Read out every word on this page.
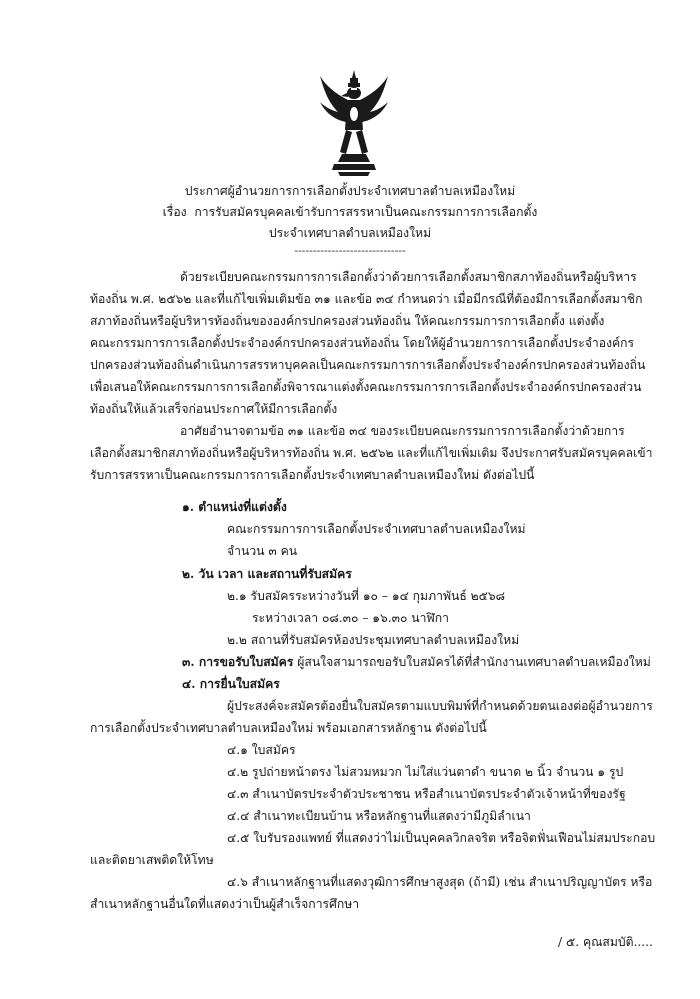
ประกาศผู้อำนวยการการเลือกตั้งประจำเทศบาลตำบลเหมืองใหม่
เรื่อง การรับสมัครบุคคลเข้ารับการสรรหาเป็นคณะกรรมการการเลือกตั้ง
ประจำเทศบาลตำบลเหมืองใหม่
------------------------------
ด้วยระเบียบคณะกรรมการการเลือกตั้งว่าด้วยการเลือกตั้งสมาชิกสภาท้องถิ่นหรือผู้บริหาร
ท้องถิ่น พ.ศ. ๒๕๖๒ และที่แก้ไขเพิ่มเติมข้อ ๓๑ และข้อ ๓๔ กำหนดว่า เมื่อมีกรณีที่ต้องมีการเลือกตั้งสมาชิก
สภาท้องถิ่นหรือผู้บริหารท้องถิ่นขององค์กรปกครองส่วนท้องถิ่น ให้คณะกรรมการการเลือกตั้ง แต่งตั้ง
คณะกรรมการการเลือกตั้งประจำองค์กรปกครองส่วนท้องถิ่น โดยให้ผู้อำนวยการการเลือกตั้งประจำองค์กร
ปกครองส่วนท้องถิ่นดำเนินการสรรหาบุคคลเป็นคณะกรรมการการเลือกตั้งประจำองค์กรปกครองส่วนท้องถิ่น
เพื่อเสนอให้คณะกรรมการการเลือกตั้งพิจารณาแต่งตั้งคณะกรรมการการเลือกตั้งประจำองค์กรปกครองส่วน
ท้องถิ่นให้แล้วเสร็จก่อนประกาศให้มีการเลือกตั้ง
อาศัยอำนาจตามข้อ ๓๑ และข้อ ๓๔ ของระเบียบคณะกรรมการการเลือกตั้งว่าด้วยการ
เลือกตั้งสมาชิกสภาท้องถิ่นหรือผู้บริหารท้องถิ่น พ.ศ. ๒๕๖๒ และที่แก้ไขเพิ่มเติม จึงประกาศรับสมัครบุคคลเข้า
รับการสรรหาเป็นคณะกรรมการการเลือกตั้งประจำเทศบาลตำบลเหมืองใหม่ ดังต่อไปนี้
๑. ตำแหน่งที่แต่งตั้ง
คณะกรรมการการเลือกตั้งประจำเทศบาลตำบลเหมืองใหม่
จำนวน ๓ คน
๒. วัน เวลา และสถานที่รับสมัคร
๒.๑ รับสมัครระหว่างวันที่ ๑๐ – ๑๔ กุมภาพันธ์ ๒๕๖๘
ระหว่างเวลา ๐๘.๓๐ – ๑๖.๓๐ นาฬิกา
๒.๒ สถานที่รับสมัครห้องประชุมเทศบาลตำบลเหมืองใหม่
๓. การขอรับใบสมัคร ผู้สนใจสามารถขอรับใบสมัครได้ที่สำนักงานเทศบาลตำบลเหมืองใหม่
๔. การยื่นใบสมัคร
ผู้ประสงค์จะสมัครต้องยื่นใบสมัครตามแบบพิมพ์ที่กำหนดด้วยตนเองต่อผู้อำนวยการ
การเลือกตั้งประจำเทศบาลตำบลเหมืองใหม่ พร้อมเอกสารหลักฐาน ดังต่อไปนี้
๔.๑ ใบสมัคร
๔.๒ รูปถ่ายหน้าตรง ไม่สวมหมวก ไม่ใส่แว่นตาดำ ขนาด ๒ นิ้ว จำนวน ๑ รูป
๔.๓ สำเนาบัตรประจำตัวประชาชน หรือสำเนาบัตรประจำตัวเจ้าหน้าที่ของรัฐ
๔.๔ สำเนาทะเบียนบ้าน หรือหลักฐานที่แสดงว่ามีภูมิลำเนา
๔.๕ ใบรับรองแพทย์ ที่แสดงว่าไม่เป็นบุคคลวิกลจริต หรือจิตฟั่นเฟือนไม่สมประกอบ
และติดยาเสพติดให้โทษ
๔.๖ สำเนาหลักฐานที่แสดงวุฒิการศึกษาสูงสุด (ถ้ามี) เช่น สำเนาปริญญาบัตร หรือ
สำเนาหลักฐานอื่นใดที่แสดงว่าเป็นผู้สำเร็จการศึกษา
/ ๕. คุณสมบัติ.....
